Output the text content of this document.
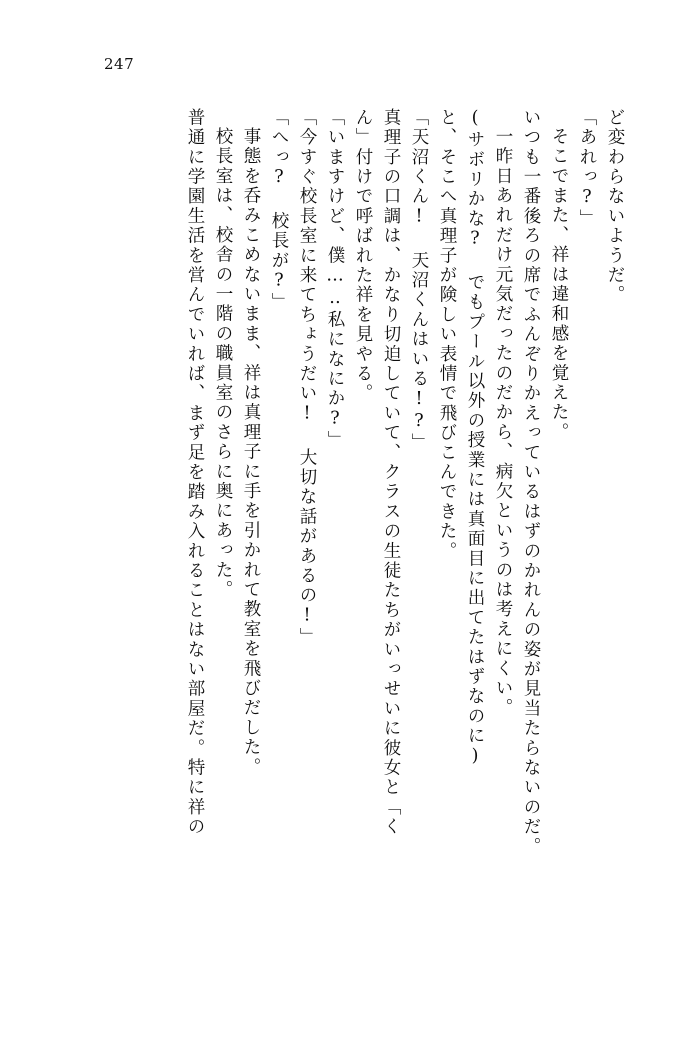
247
ど変わらないようだ。
「あれっ?」
そこでまた、祥は違和感を覚えた。
いつも一番後ろの席でふんぞりかえっているはずのかれんの姿が見当たらないのだ。
一昨日あれだけ元気だったのだから、病欠というのは考えにくい。
(サボリかな? でもプール以外の授業には真面目に出てたはずなのに)
と、そこへ真理子が険しい表情で飛びこんできた。
「天沼くん! 天沼くんはいる!?」
真理子の口調は、かなり切迫していて、クラスの生徒たちがいっせいに彼女と「く
ん」付けで呼ばれた祥を見やる。
「いますけど、僕…‥私になにか?」
「今すぐ校長室に来てちょうだい! 大切な話があるの!」
「へっ? 校長が?」
事態を呑みこめないまま、祥は真理子に手を引かれて教室を飛びだした。
校長室は、校舎の一階の職員室のさらに奥にあった。
普通に学園生活を営んでいれば、まず足を踏み入れることはない部屋だ。特に祥の
